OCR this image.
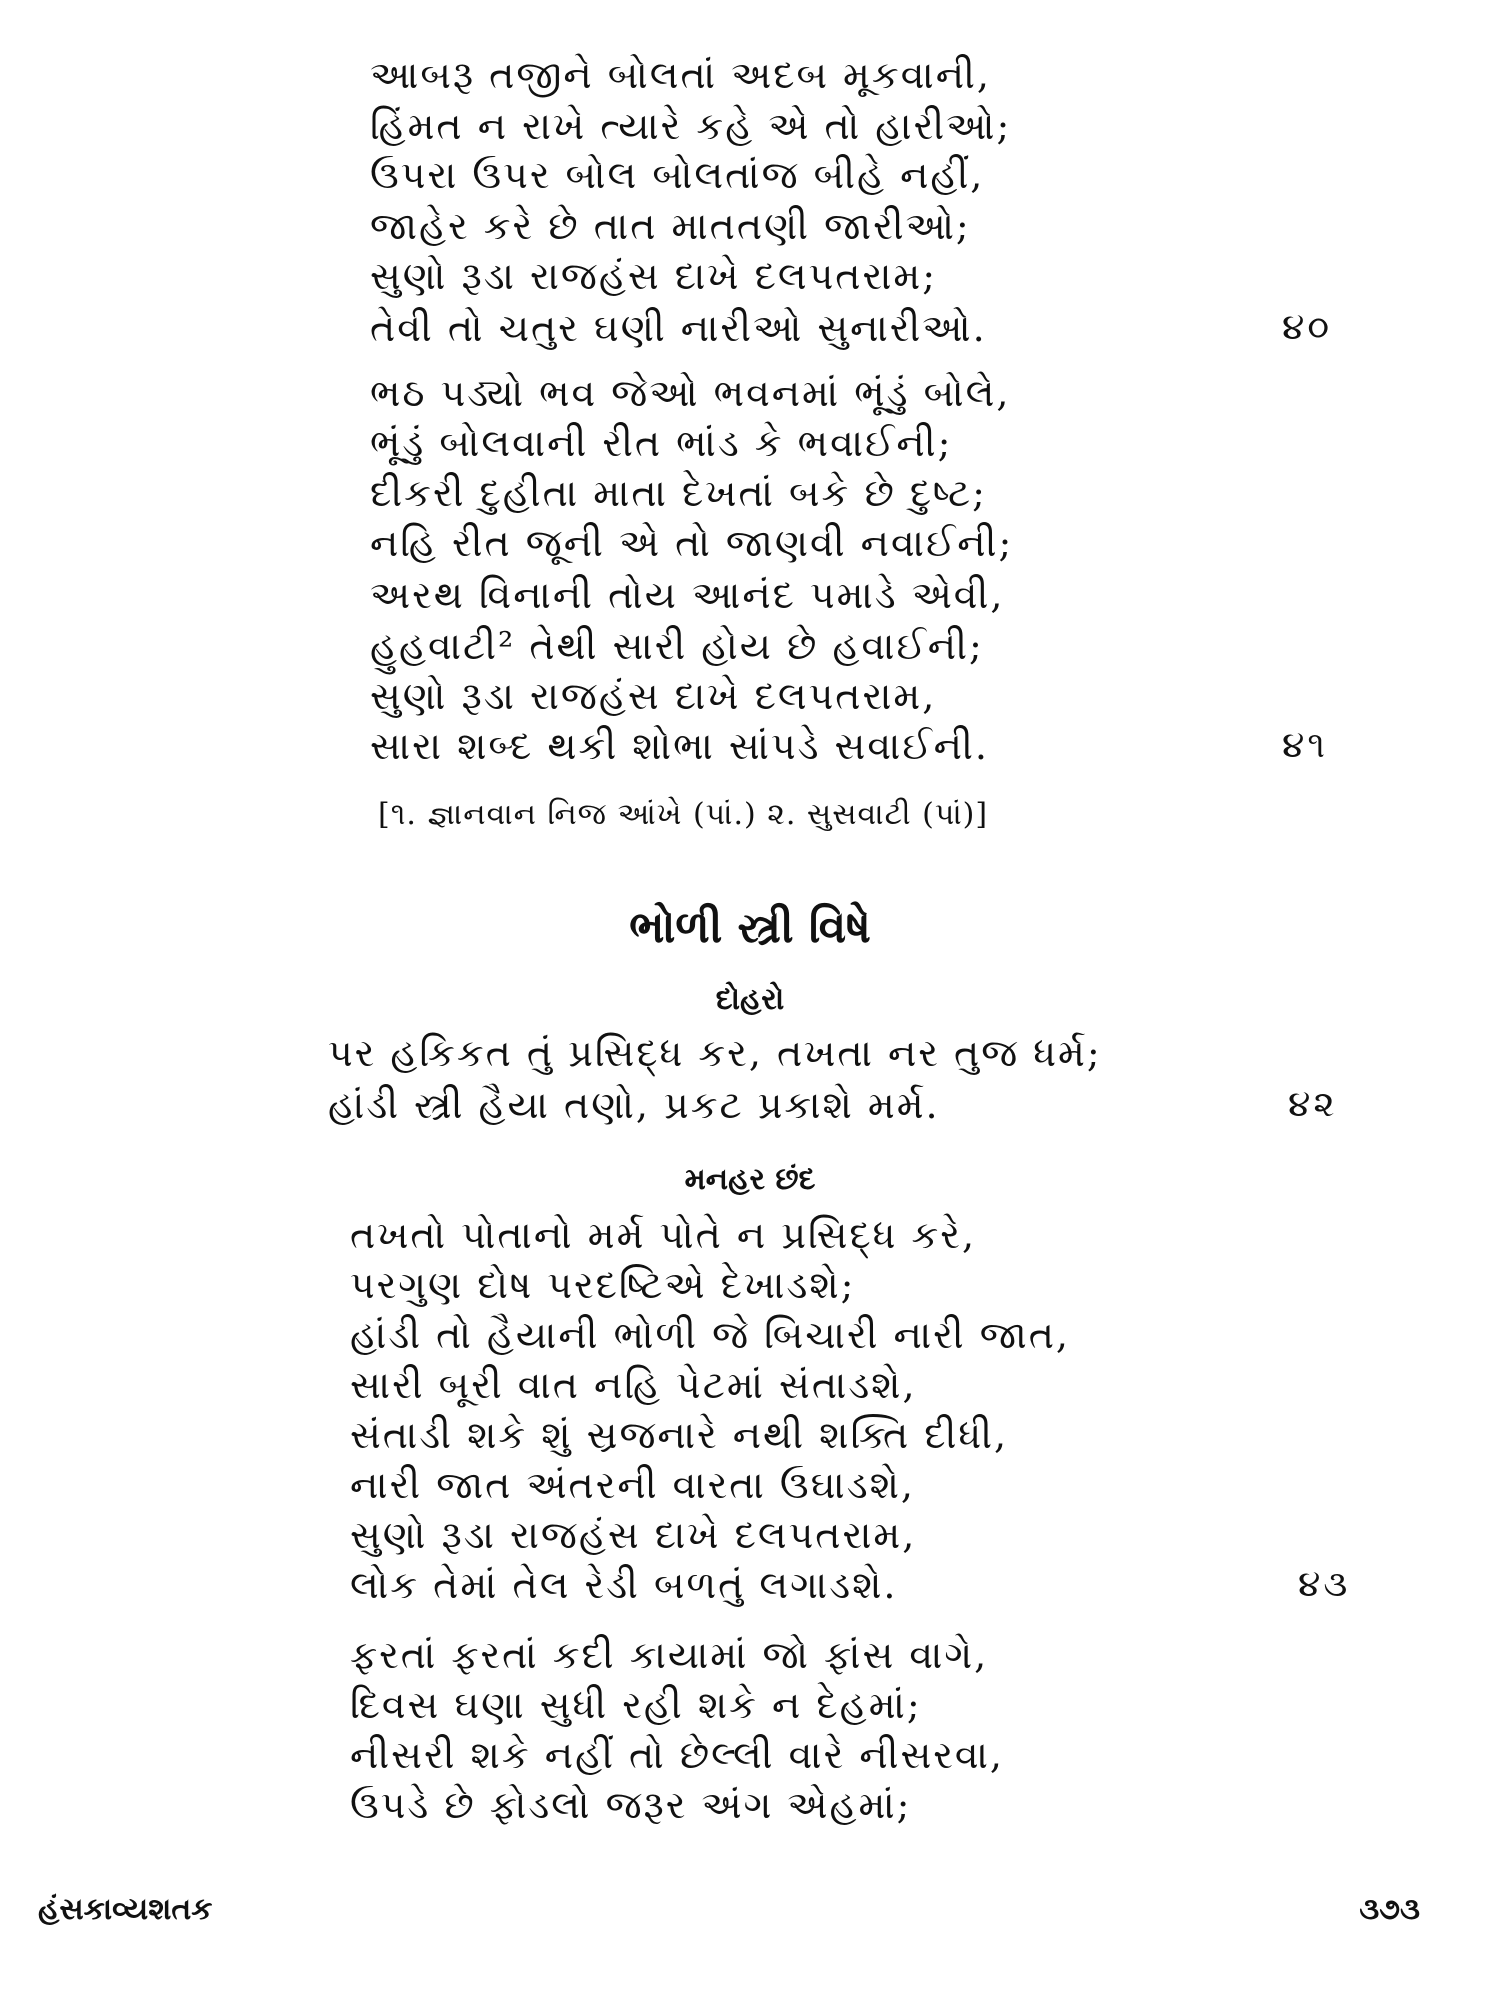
આબરૂ તજીને બોલતાં અદબ મૂકવાની,
હિંમત ન રાખે ત્યારે કહે એ તો હારીઓ;
ઉપરા ઉપર બોલ બોલતાંજ બીહે નહીં,
જાહેર કરે છે તાત માતતણી જારીઓ;
સુણો રૂડા રાજહંસ દાખે દલપતરામ;
તેવી તો ચતુર ઘણી નારીઓ સુનારીઓ.	૪૦
ભઠ પડ્યો ભવ જેઓ ભવનમાં ભૂંડું બોલે,
ભૂંડું બોલવાની રીત ભાંડ કે ભવાઈની;
દીકરી દુહીતા માતા દેખતાં બકે છે દુષ્ટ;
નહિ રીત જૂની એ તો જાણવી નવાઈની;
અરથ વિનાની તોય આનંદ પમાડે એવી,
હુહવાટી² તેથી સારી હોય છે હવાઈની;
સુણો રૂડા રાજહંસ દાખે દલપતરામ,
સારા શબ્દ થકી શોભા સાંપડે સવાઈની.	૪૧
[૧. જ્ઞાનવાન નિજ આંખે (પાં.) ૨. સુસવાટી (પાં)]
ભોળી સ્ત્રી વિષે
દોહરો
પર હકિકત તું પ્રસિદ્ધ કર, તખતા નર તુજ ધર્મ;
હાંડી સ્ત્રી હૈયા તણો, પ્રકટ પ્રકાશે મર્મ.	૪૨
મનહર છંદ
તખતો પોતાનો મર્મ પોતે ન પ્રસિદ્ધ કરે,
પરગુણ દોષ પરદષ્ટિએ દેખાડશે;
હાંડી તો હૈયાની ભોળી જે બિચારી નારી જાત,
સારી બૂરી વાત નહિ પેટમાં સંતાડશે,
સંતાડી શકે શું સ્રજનારે નથી શક્તિ દીધી,
નારી જાત અંતરની વારતા ઉઘાડશે,
સુણો રૂડા રાજહંસ દાખે દલપતરામ,
લોક તેમાં તેલ રેડી બળતું લગાડશે.	૪૩
ફરતાં ફરતાં કદી કાયામાં જો ફાંસ વાગે,
દિવસ ઘણા સુધી રહી શકે ન દેહમાં;
નીસરી શકે નહીં તો છેલ્લી વારે નીસરવા,
ઉપડે છે ફોડલો જરૂર અંગ એહમાં;
હંસકાવ્યશતક	૩૭૩
